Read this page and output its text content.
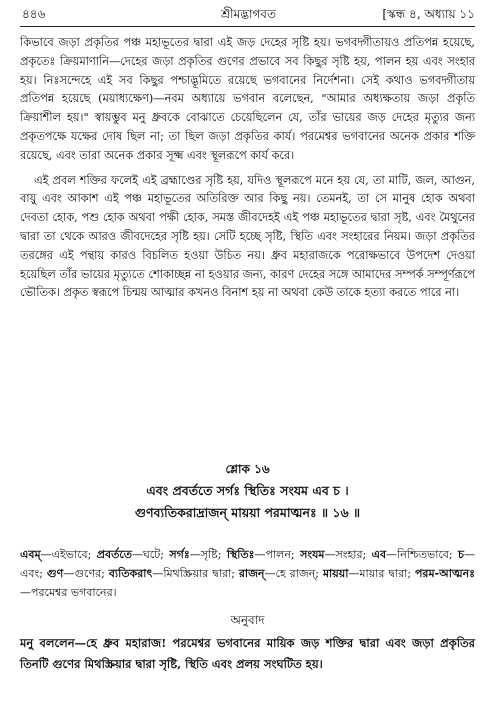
৪৪৬	শ্রীমদ্ভাগবত	[স্কন্ধ ৪, অধ্যায় ১১

কিভাবে জড়া প্রকৃতির পঞ্চ মহাভূতের দ্বারা এই জড় দেহের সৃষ্টি হয়। ভগবদ্গীতায়ও প্রতিপন্ন হয়েছে, প্রকৃতেঃ ক্রিয়মাণানি—দেহের জড়া প্রকৃতির গুণের প্রভাবে সব কিছুর সৃষ্টি হয়, পালন হয় এবং সংহার হয়। নিঃসন্দেহে এই সব কিছুর পশ্চাদ্ভূমিতে রয়েছে ভগবানের নির্দেশনা। সেই কথাও ভগবদ্গীতায় প্রতিপন্ন হয়েছে (ময়াধ্যক্ষেণ)—নবম অধ্যায়ে ভগবান বলেছেন, "আমার অধ্যক্ষতায় জড়া প্রকৃতি ক্রিয়াশীল হয়।" স্বায়ম্ভুব মনু ধ্রুবকে বোঝাতে চেয়েছিলেন যে, তাঁর ভায়ের জড় দেহের মৃত্যুর জন্য প্রকৃতপক্ষে যক্ষের দোষ ছিল না; তা ছিল জড়া প্রকৃতির কার্য। পরমেশ্বর ভগবানের অনেক প্রকার শক্তি রয়েছে, এবং তারা অনেক প্রকার সূক্ষ্ম এবং স্থূলরূপে কার্য করে।

এই প্রবল শক্তির ফলেই এই ব্রহ্মাণ্ডের সৃষ্টি হয়, যদিও স্থূলরূপে মনে হয় যে, তা মাটি, জল, আগুন, বায়ু এবং আকাশ এই পঞ্চ মহাভূতের অতিরিক্ত আর কিছু নয়। তেমনই, তা সে মানুষ হোক অথবা দেবতা হোক, পশু হোক অথবা পক্ষী হোক, সমস্ত জীবদেহই এই পঞ্চ মহাভূতের দ্বারা সৃষ্ট, এবং মৈথুনের দ্বারা তা থেকে আরও জীবদেহের সৃষ্টি হয়। সেটি হচ্ছে সৃষ্টি, স্থিতি এবং সংহারের নিয়ম। জড়া প্রকৃতির তরঙ্গের এই পন্থায় কারও বিচলিত হওয়া উচিত নয়। ধ্রুব মহারাজকে পরোক্ষভাবে উপদেশ দেওয়া হয়েছিল তাঁর ভায়ের মৃত্যুতে শোকাচ্ছন্ন না হওয়ার জন্য, কারণ দেহের সঙ্গে আমাদের সম্পর্ক সম্পূর্ণরূপে ভৌতিক। প্রকৃত স্বরূপে চিন্ময় আত্মার কখনও বিনাশ হয় না অথবা কেউ তাকে হত্যা করতে পারে না।

শ্লোক ১৬
এবং প্রবর্ততে সর্গঃ স্থিতিঃ সংযম এব চ ।
গুণব্যতিকরাদ্রাজন্ মায়য়া পরমাত্মনঃ ॥ ১৬ ॥
এবম্—এইভাবে; প্রবর্ততে—ঘটে; সর্গঃ—সৃষ্টি; স্থিতিঃ—পালন; সংযম—সংহার; এব—নিশ্চিতভাবে; চ—এবং; গুণ—গুণের; ব্যতিকরাৎ—মিথস্ক্রিয়ার দ্বারা; রাজন্—হে রাজন্; মায়য়া—মায়ার দ্বারা; পরম-আত্মনঃ—পরমেশ্বর ভগবানের।
অনুবাদ
মনু বললেন—হে ধ্রুব মহারাজ! পরমেশ্বর ভগবানের মায়িক জড় শক্তির দ্বারা এবং জড়া প্রকৃতির তিনটি গুণের মিথস্ক্রিয়ার দ্বারা সৃষ্টি, স্থিতি এবং প্রলয় সংঘটিত হয়।
